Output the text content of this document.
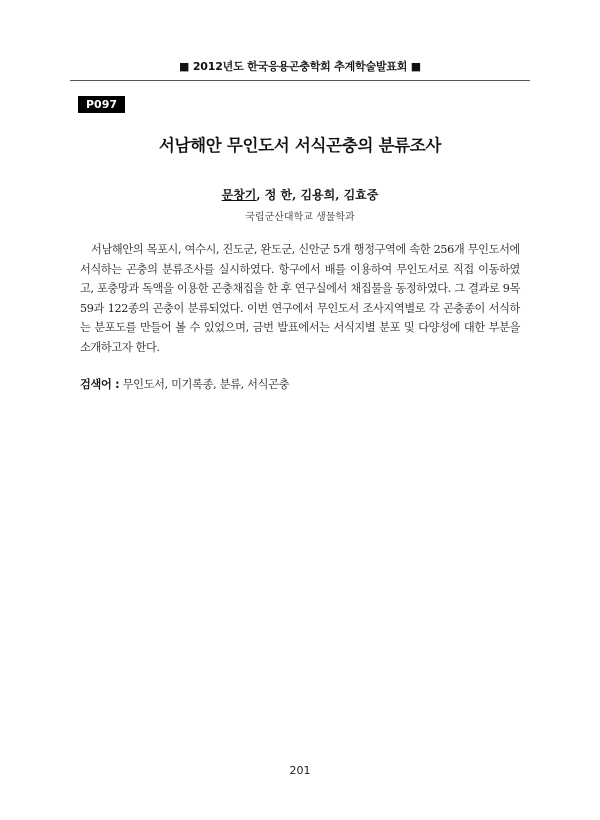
■ 2012년도 한국응용곤충학회 추계학술발표회 ■
P097
서남해안 무인도서 서식곤충의 분류조사
문창기, 정 한, 김용희, 김효중
국립군산대학교 생물학과

서남해안의 목포시, 여수시, 진도군, 완도군, 신안군 5개 행정구역에 속한 256개 무인도서에 서식하는 곤충의 분류조사를 실시하였다. 항구에서 배를 이용하여 무인도서로 직접 이동하였고, 포충망과 독액을 이용한 곤충채집을 한 후 연구실에서 채집물을 동정하였다. 그 결과로 9목 59과 122종의 곤충이 분류되었다. 이번 연구에서 무인도서 조사지역별로 각 곤충종이 서식하는 분포도를 만들어 볼 수 있었으며, 금번 발표에서는 서식지별 분포 및 다양성에 대한 부분을 소개하고자 한다.

검색어 : 무인도서, 미기록종, 분류, 서식곤충
201
